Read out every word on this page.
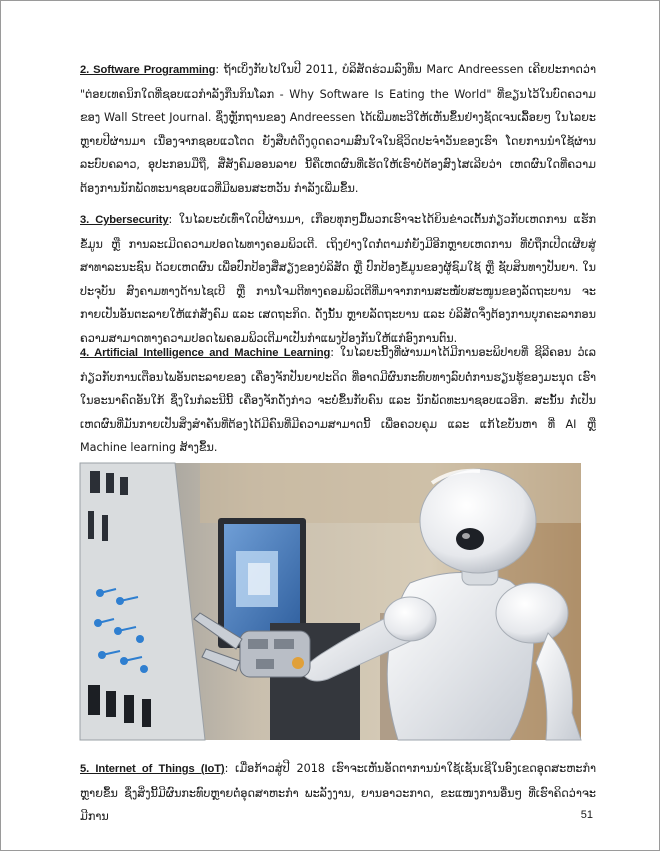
2. Software Programming: ຖ້າເບິ່ງກັບໄປໃນປີ 2011, ບໍລິສັດຮ່ວມລົງທຶນ Marc Andreessen ເຄີຍປະກາດວ່າ "ຕ່ອຍເທຄນິກໃດທີ່ຊອບແວກຳລັງກືນກິນໂລກ - Why Software Is Eating the World" ທີ່ຂຽນໄວ້ໃນບົດຄວາມຂອງ Wall Street Journal. ຊຶ່ງຫຼັກຖານຂອງ Andreessen ໄດ້ເພີ່ມທະວີໃຫ້ເຫັນຂຶ້ນຢ່າງຊັດເຈນເລື້ອຍໆ ໃນໄລຍະຫຼາຍປີຜ່ານມາ ເນື່ອງຈາກຊອບແວໂຕດ ຍັງສືບຕໍ່ດຶງດູດຄວາມສົນໃຈໃນຊີວິດປະຈຳວັນຂອງເຮົາ ໂດຍການນຳໃຊ້ຜ່ານ ລະບົບຄລາວ, ອຸປະກອນມືຖື, ສື່ສັງຄົມອອນລາຍ ນີ້ຄືເຫດຜົນທີ່ເຮັດໃຫ້ເຮົາບໍ່ຕ້ອງສົງໄສເລີຍວ່າ ເຫດຜົນໃດທີ່ຄວາມຕ້ອງການນັກພັດທະນາຊອບແວທີ່ມີພອນສະຫວັນ ກຳລັງເພີ່ມຂຶ້ນ.

3. Cybersecurity: ໃນໄລຍະບໍ່ເທົ່າໃດປີຜ່ານມາ, ເກືອບທຸກໆມື້ພວກເຮົາຈະໄດ້ຍິນຂ່າວເຕັ້ນກ່ຽວກັບເຫດການ ແຮັກຂໍ້ມູນ ຫຼື ການລະເມີດຄວາມປອດໄພທາງຄອມພິວເຕີ. ເຖິງຢ່າງໃດກໍ່ຕາມກໍ່ຍັງມີອີກຫຼາຍເຫດການ ທີ່ບໍ່ຖືກເປີດເຜີຍສູ່ສາທາລະນະຊົນ ດ້ວຍເຫດຜົນ ເພື່ອປົກປ້ອງສື່ສຽງຂອງບໍລິສັດ ຫຼື ປົກປ້ອງຂໍ້ມູນຂອງຜູ້ຊົມໃຊ້ ຫຼື ຊັບສິນທາງປັນຍາ. ໃນປະຈຸບັນ ສົງຄາມທາງດ້ານໄຊເບີ ຫຼື ການໂຈມຕີທາງຄອມພິວເຕີທີ່ມາຈາກການສະໜັບສະໜູນຂອງລັດຖະບານ ຈະກາຍເປັນອັນຕະລາຍໃຫ້ແກ່ສັງຄົມ ແລະ ເສດຖະກິດ. ດັ່ງນັ້ນ ຫຼາຍລັດຖະບານ ແລະ ບໍລິສັດຈຶ່ງຕ້ອງການບຸກຄະລາກອນຄວາມສາມາດທາງຄວາມປອດໄພຄອມພິວເຕີມາເປັນກຳແພງປ້ອງກັນໃຫ້ແກ່ອົງການຕົນ.

4. Artificial Intelligence and Machine Learning: ໃນໄລຍະນີ້ງທີ່ຜ່ານມາໄດ້ມີການອະພິປາຍທີ່ ຊີລີຄອນ ວໍເລ ກ່ຽວກັບການເຕືອນໄພອັນຕະລາຍຂອງ ເຄື່ອງຈັກປັນຍາປະດິດ ທີ່ອາດມີຜົນກະທົບທາງລົບຕໍ່ການຮຽນຮູ້ຂອງມະນຸດ ເຮົາໃນອະນາຄົດອັນໃກ້ ຊຶ່ງໃນກໍລະນີນີ້ ເຄື່ອງຈັກດັ່ງກ່າວ ຈະບໍ່ຂຶ້ນກັບຄົນ ແລະ ນັກພັດທະນາຊອບແວອີກ. ສະນັ້ນ ກໍ່ເປັນເຫດຜົນທີ່ມັນກາຍເປັນສິ່ງສຳຄັນທີ່ຕ້ອງໄດ້ມີຄົນທີ່ມີຄວາມສາມາດນີ້ ເພື່ອຄວບຄຸມ ແລະ ແກ້ໄຂບັນຫາ ທີ່ AI ຫຼື Machine learning ສ້າງຂຶ້ນ.

5. Internet of Things (IoT): ເມື່ອກ້າວສູ່ປີ 2018 ເຮົາຈະເຫັນອັດຕາການນຳໃຊ້ເຊັນເຊີໃນອົງເຂດອຸດສະຫະກຳຫຼາຍຂຶ້ນ ຊຶ່ງສິ່ງນີ້ມີຜົນກະທົບຫຼາຍຕໍ່ອຸດສາຫະກຳ ພະລັງງານ, ຍານອາວະກາດ, ຂະແໜງການອື່ນໆ ທີ່ເຮົາຄິດວ່າຈະມີການ	51
